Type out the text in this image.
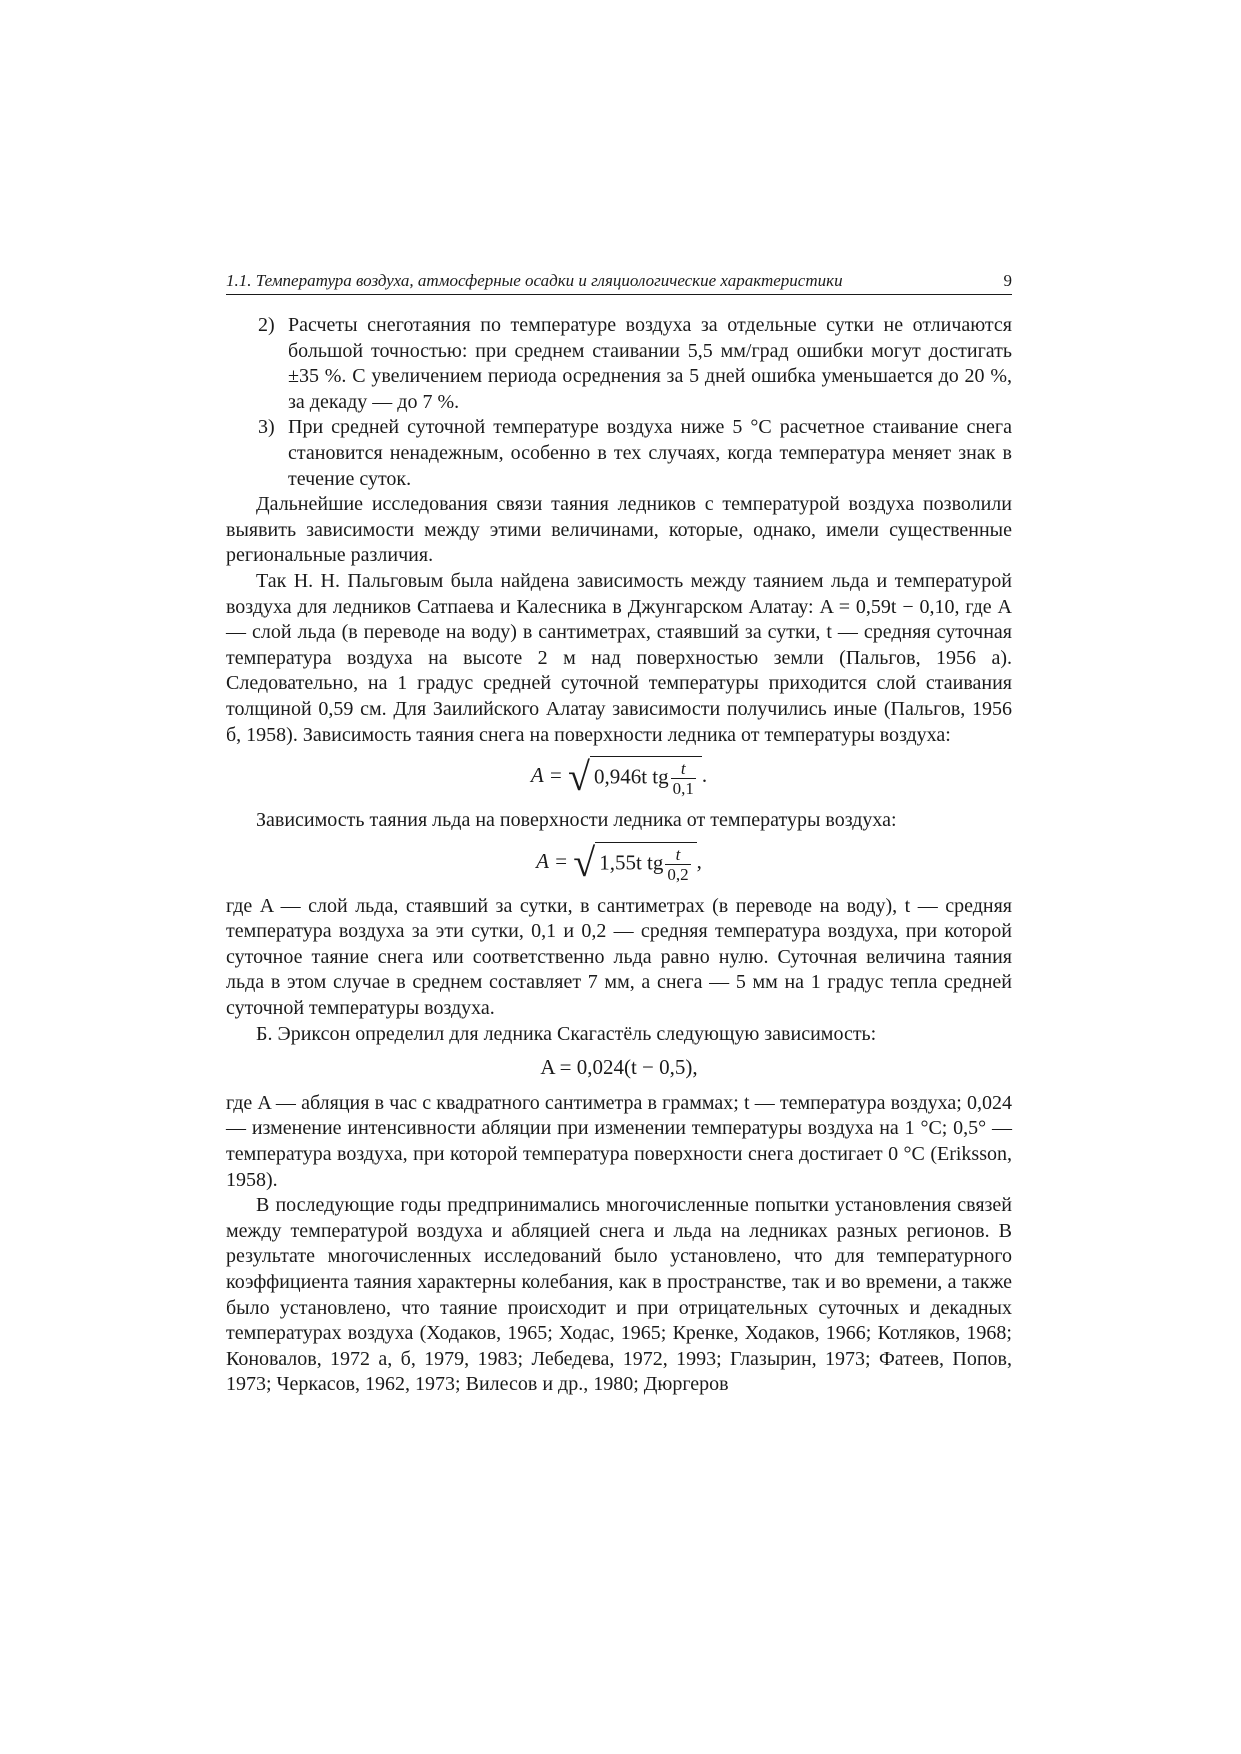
1.1. Температура воздуха, атмосферные осадки и гляциологические характеристики	9

2) Расчеты снеготаяния по температуре воздуха за отдельные сутки не отличаются большой точностью: при среднем стаивании 5,5 мм/град ошибки могут достигать ±35 %. С увеличением периода осреднения за 5 дней ошибка уменьшается до 20 %, за декаду — до 7 %.

3) При средней суточной температуре воздуха ниже 5 °С расчетное стаивание снега становится ненадежным, особенно в тех случаях, когда температура меняет знак в течение суток.

Дальнейшие исследования связи таяния ледников с температурой воздуха позволили выявить зависимости между этими величинами, которые, однако, имели существенные региональные различия.

Так Н. Н. Пальговым была найдена зависимость между таянием льда и температурой воздуха для ледников Сатпаева и Калесника в Джунгарском Алатау: A = 0,59t − 0,10, где A — слой льда (в переводе на воду) в сантиметрах, стаявший за сутки, t — средняя суточная температура воздуха на высоте 2 м над поверхностью земли (Пальгов, 1956 а). Следовательно, на 1 градус средней суточной температуры приходится слой стаивания толщиной 0,59 см. Для Заилийского Алатау зависимости получились иные (Пальгов, 1956 б, 1958). Зависимость таяния снега на поверхности ледника от температуры воздуха:

A = √ 0,946t tg $\frac{t}{0,1}$ .

Зависимость таяния льда на поверхности ледника от температуры воздуха:

A = √ 1,55t tg $\frac{t}{0,2}$ ,

где A — слой льда, стаявший за сутки, в сантиметрах (в переводе на воду), t — средняя температура воздуха за эти сутки, 0,1 и 0,2 — средняя температура воздуха, при которой суточное таяние снега или соответственно льда равно нулю. Суточная величина таяния льда в этом случае в среднем составляет 7 мм, а снега — 5 мм на 1 градус тепла средней суточной температуры воздуха.

Б. Эриксон определил для ледника Скагастёль следующую зависимость:

A = 0,024(t − 0,5),

где A — абляция в час с квадратного сантиметра в граммах; t — температура воздуха; 0,024 — изменение интенсивности абляции при изменении температуры воздуха на 1 °С; 0,5° — температура воздуха, при которой температура поверхности снега достигает 0 °С (Eriksson, 1958).

В последующие годы предпринимались многочисленные попытки установления связей между температурой воздуха и абляцией снега и льда на ледниках разных регионов. В результате многочисленных исследований было установлено, что для температурного коэффициента таяния характерны колебания, как в пространстве, так и во времени, а также было установлено, что таяние происходит и при отрицательных суточных и декадных температурах воздуха (Ходаков, 1965; Ходас, 1965; Кренке, Ходаков, 1966; Котляков, 1968; Коновалов, 1972 а, б, 1979, 1983; Лебедева, 1972, 1993; Глазырин, 1973; Фатеев, Попов, 1973; Черкасов, 1962, 1973; Вилесов и др., 1980; Дюргеров
